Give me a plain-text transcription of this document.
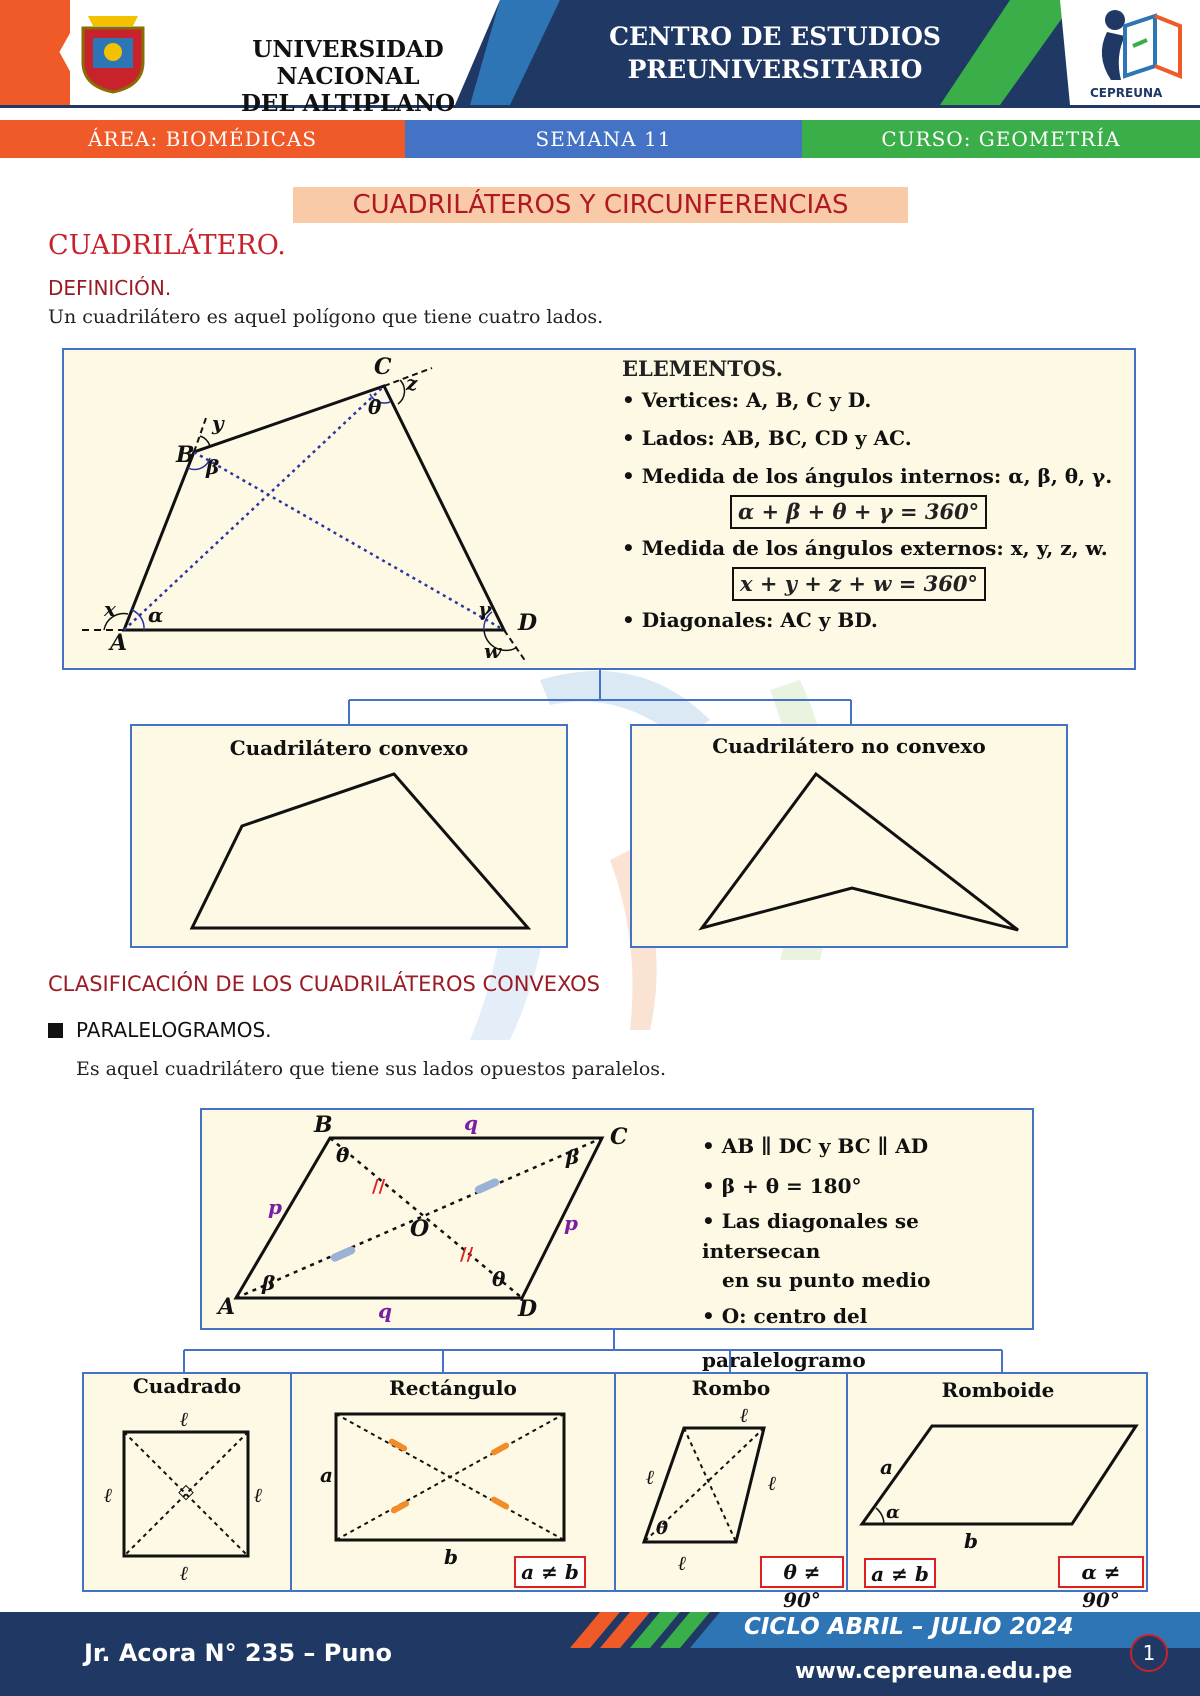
UNIVERSIDAD NACIONAL
DEL ALTIPLANO
CENTRO DE ESTUDIOS
PREUNIVERSITARIO
CEPREUNA
ÁREA: BIOMÉDICAS	SEMANA 11	CURSO: GEOMETRÍA
CUADRILÁTEROS Y CIRCUNFERENCIAS
CUADRILÁTERO.
DEFINICIÓN.
Un cuadrilátero es aquel polígono que tiene cuatro lados.
A
B
C
D
x
y
z
w
α
β
θ
γ
ELEMENTOS.
• Vertices: A, B, C y D.
• Lados: AB, BC, CD y AC.
• Medida de los ángulos internos: α, β, θ, γ.
α + β + θ + γ = 360°
• Medida de los ángulos externos: x, y, z, w.
x + y + z + w = 360°
• Diagonales: AC y BD.
Cuadrilátero convexo	Cuadrilátero no convexo
CLASIFICACIÓN DE LOS CUADRILÁTEROS CONVEXOS
PARALELOGRAMOS.
Es aquel cuadrilátero que tiene sus lados opuestos paralelos.
//
//
A
B	C
D
O
p
p
q
q
β
β
θ
θ
• AB ∥ DC y BC ∥ AD
• β + θ = 180°
• Las diagonales se intersecan
en su punto medio
• O: centro del paralelogramo
Cuadrado	Rectángulo	Rombo	Romboide
ℓ
ℓ	ℓ
ℓ
a
b
ℓ
ℓ	ℓ
ℓ
θ
a
b
α
a ≠ b	θ ≠ 90°
a ≠ b	α ≠ 90°
Jr. Acora N° 235 – Puno
CICLO ABRIL – JULIO 2024
www.cepreuna.edu.pe
1
